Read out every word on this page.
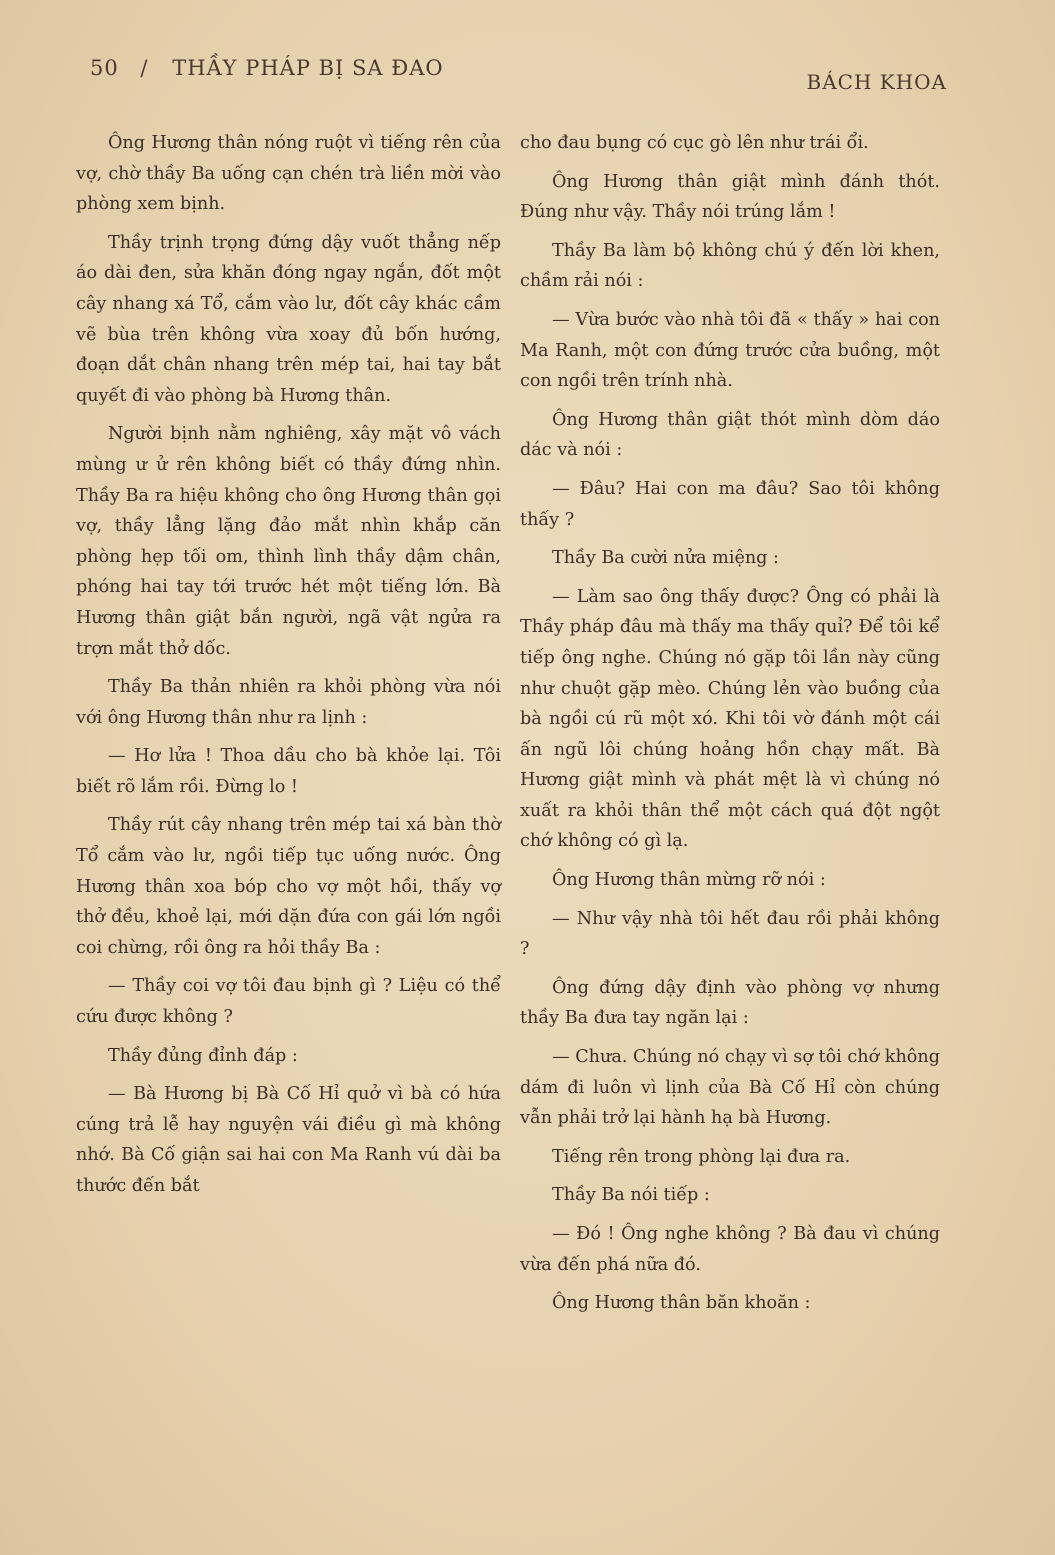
50 / THẦY PHÁP BỊ SA ĐAO
BÁCH KHOA

Ông Hương thân nóng ruột vì tiếng rên của vợ, chờ thầy Ba uống cạn chén trà liền mời vào phòng xem bịnh.

Thầy trịnh trọng đứng dậy vuốt thẳng nếp áo dài đen, sửa khăn đóng ngay ngắn, đốt một cây nhang xá Tổ, cắm vào lư, đốt cây khác cầm vẽ bùa trên không vừa xoay đủ bốn hướng, đoạn dắt chân nhang trên mép tai, hai tay bắt quyết đi vào phòng bà Hương thân.

Người bịnh nằm nghiêng, xây mặt vô vách mùng ư ử rên không biết có thầy đứng nhìn. Thầy Ba ra hiệu không cho ông Hương thân gọi vợ, thầy lẳng lặng đảo mắt nhìn khắp căn phòng hẹp tối om, thình lình thầy dậm chân, phóng hai tay tới trước hét một tiếng lớn. Bà Hương thân giật bắn người, ngã vật ngửa ra trợn mắt thở dốc.

Thầy Ba thản nhiên ra khỏi phòng vừa nói với ông Hương thân như ra lịnh :

— Hơ lửa ! Thoa dầu cho bà khỏe lại. Tôi biết rõ lắm rồi. Đừng lo !

Thầy rút cây nhang trên mép tai xá bàn thờ Tổ cắm vào lư, ngồi tiếp tục uống nước. Ông Hương thân xoa bóp cho vợ một hồi, thấy vợ thở đều, khoẻ lại, mới dặn đứa con gái lớn ngồi coi chừng, rồi ông ra hỏi thầy Ba :

— Thầy coi vợ tôi đau bịnh gì ? Liệu có thể cứu được không ?

Thầy đủng đỉnh đáp :

— Bà Hương bị Bà Cố Hỉ quở vì bà có hứa cúng trả lễ hay nguyện vái điều gì mà không nhớ. Bà Cố giận sai hai con Ma Ranh vú dài ba thước đến bắt

cho đau bụng có cục gò lên như trái ổi.

Ông Hương thân giật mình đánh thót. Đúng như vậy. Thầy nói trúng lắm !

Thầy Ba làm bộ không chú ý đến lời khen, chầm rải nói :

— Vừa bước vào nhà tôi đã « thấy » hai con Ma Ranh, một con đứng trước cửa buồng, một con ngồi trên trính nhà.

Ông Hương thân giật thót mình dòm dáo dác và nói :

— Đâu? Hai con ma đâu? Sao tôi không thấy ?

Thầy Ba cười nửa miệng :

— Làm sao ông thấy được? Ông có phải là Thầy pháp đâu mà thấy ma thấy quỉ? Để tôi kể tiếp ông nghe. Chúng nó gặp tôi lần này cũng như chuột gặp mèo. Chúng lẻn vào buồng của bà ngồi cú rũ một xó. Khi tôi vờ đánh một cái ấn ngũ lôi chúng hoảng hồn chạy mất. Bà Hương giật mình và phát mệt là vì chúng nó xuất ra khỏi thân thể một cách quá đột ngột chớ không có gì lạ.

Ông Hương thân mừng rỡ nói :

— Như vậy nhà tôi hết đau rồi phải không ?

Ông đứng dậy định vào phòng vợ nhưng thầy Ba đưa tay ngăn lại :

— Chưa. Chúng nó chạy vì sợ tôi chớ không dám đi luôn vì lịnh của Bà Cố Hỉ còn chúng vẫn phải trở lại hành hạ bà Hương.

Tiếng rên trong phòng lại đưa ra.

Thầy Ba nói tiếp :

— Đó ! Ông nghe không ? Bà đau vì chúng vừa đến phá nữa đó.

Ông Hương thân băn khoăn :
